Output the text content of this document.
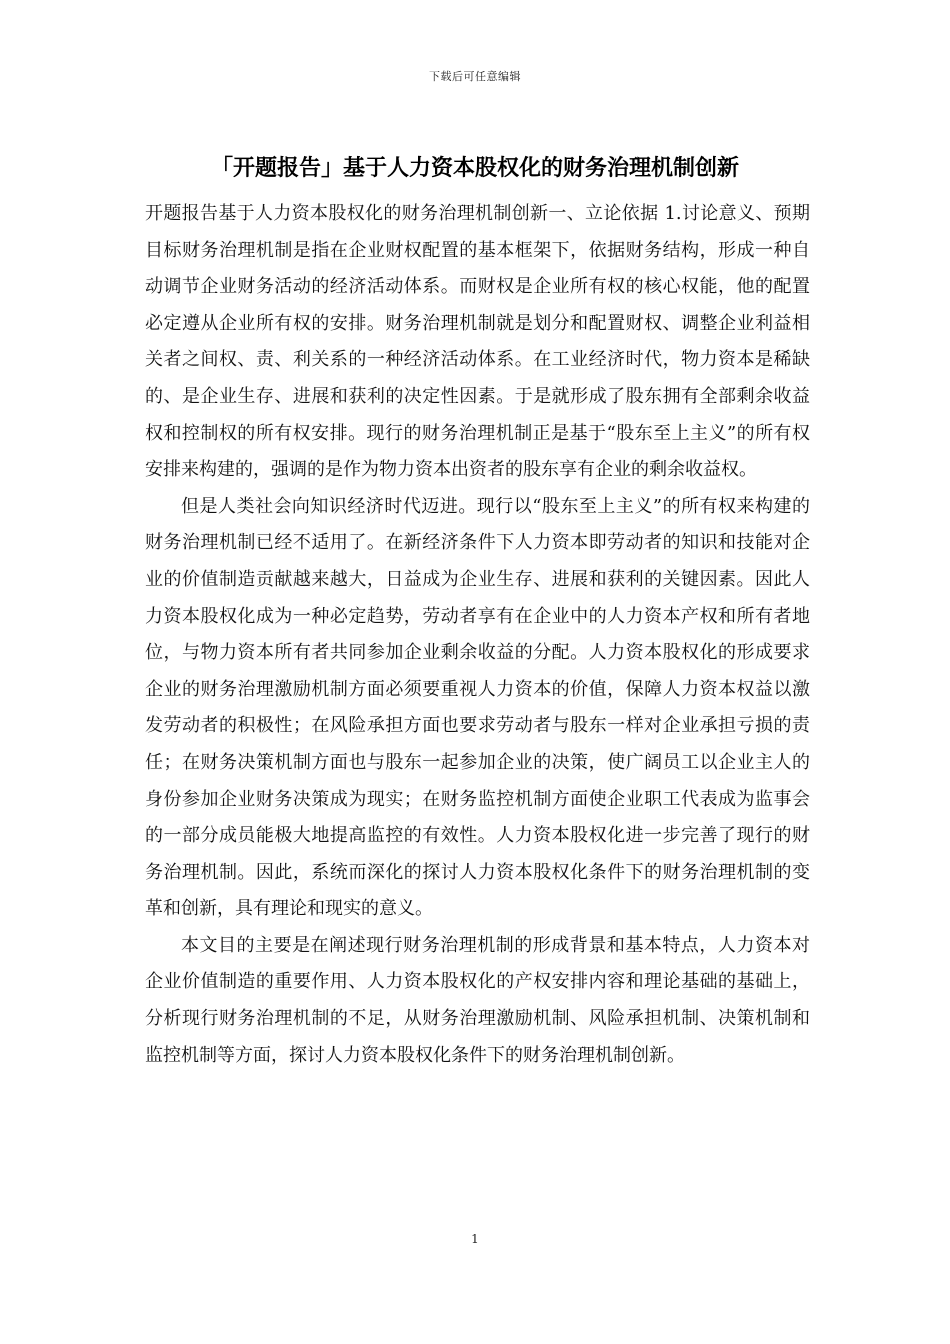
下载后可任意编辑
「开题报告」基于人力资本股权化的财务治理机制创新

开题报告基于人力资本股权化的财务治理机制创新一、立论依据 1.讨论意义、预期目标财务治理机制是指在企业财权配置的基本框架下，依据财务结构，形成一种自动调节企业财务活动的经济活动体系。而财权是企业所有权的核心权能，他的配置必定遵从企业所有权的安排。财务治理机制就是划分和配置财权、调整企业利益相关者之间权、责、利关系的一种经济活动体系。在工业经济时代，物力资本是稀缺的、是企业生存、进展和获利的决定性因素。于是就形成了股东拥有全部剩余收益权和控制权的所有权安排。现行的财务治理机制正是基于“股东至上主义”的所有权安排来构建的，强调的是作为物力资本出资者的股东享有企业的剩余收益权。

但是人类社会向知识经济时代迈进。现行以“股东至上主义”的所有权来构建的财务治理机制已经不适用了。在新经济条件下人力资本即劳动者的知识和技能对企业的价值制造贡献越来越大，日益成为企业生存、进展和获利的关键因素。因此人力资本股权化成为一种必定趋势，劳动者享有在企业中的人力资本产权和所有者地位，与物力资本所有者共同参加企业剩余收益的分配。人力资本股权化的形成要求企业的财务治理激励机制方面必须要重视人力资本的价值，保障人力资本权益以激发劳动者的积极性；在风险承担方面也要求劳动者与股东一样对企业承担亏损的责任；在财务决策机制方面也与股东一起参加企业的决策，使广阔员工以企业主人的身份参加企业财务决策成为现实；在财务监控机制方面使企业职工代表成为监事会的一部分成员能极大地提高监控的有效性。人力资本股权化进一步完善了现行的财务治理机制。因此，系统而深化的探讨人力资本股权化条件下的财务治理机制的变革和创新，具有理论和现实的意义。

本文目的主要是在阐述现行财务治理机制的形成背景和基本特点，人力资本对企业价值制造的重要作用、人力资本股权化的产权安排内容和理论基础的基础上，分析现行财务治理机制的不足，从财务治理激励机制、风险承担机制、决策机制和监控机制等方面，探讨人力资本股权化条件下的财务治理机制创新。

1
